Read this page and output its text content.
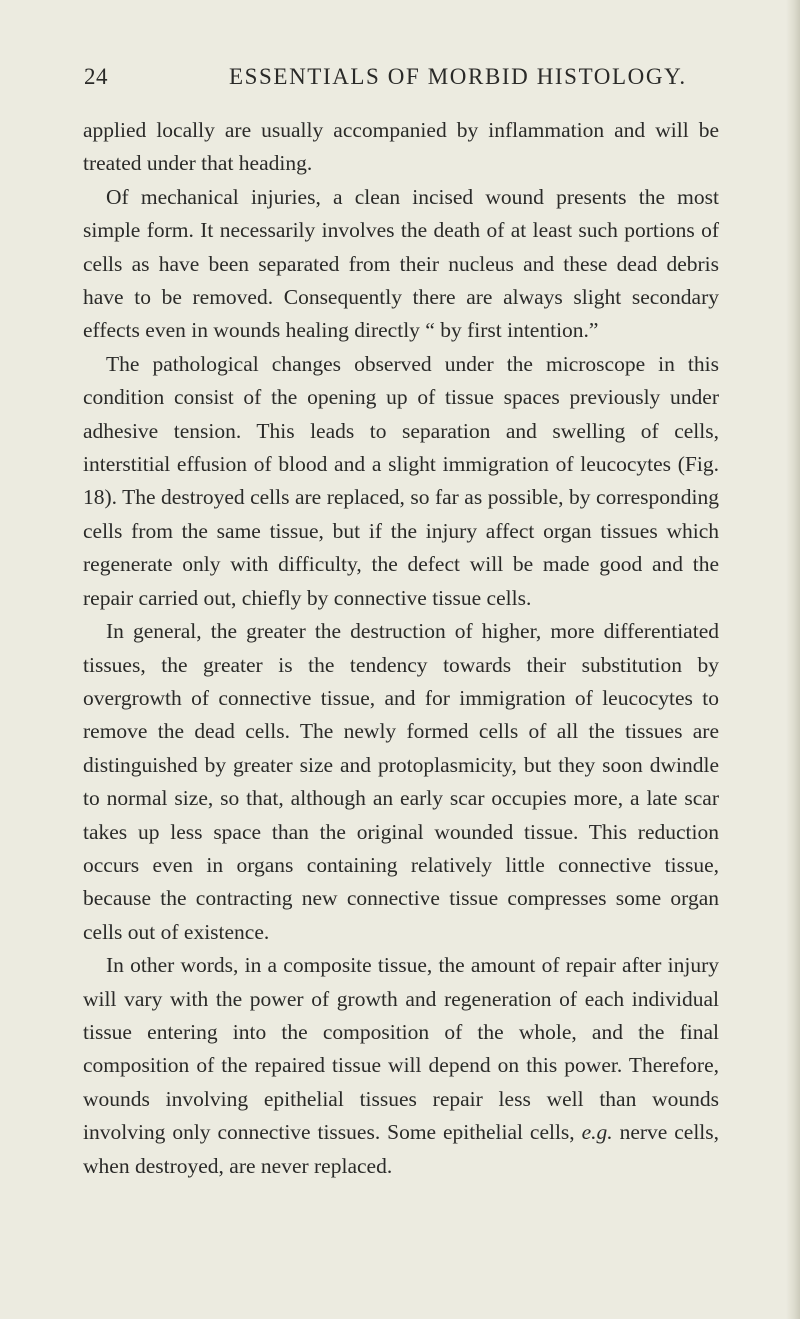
24	ESSENTIALS OF MORBID HISTOLOGY.

applied locally are usually accompanied by inflammation and will be treated under that heading.

Of mechanical injuries, a clean incised wound presents the most simple form. It necessarily involves the death of at least such portions of cells as have been separated from their nucleus and these dead debris have to be removed. Consequently there are always slight secondary effects even in wounds healing directly “ by first intention.”

The pathological changes observed under the microscope in this condition consist of the opening up of tissue spaces previously under adhesive tension. This leads to separation and swelling of cells, interstitial effusion of blood and a slight immigration of leucocytes (Fig. 18). The destroyed cells are replaced, so far as possible, by corresponding cells from the same tissue, but if the injury affect organ tissues which regenerate only with difficulty, the defect will be made good and the repair carried out, chiefly by connective tissue cells.

In general, the greater the destruction of higher, more differentiated tissues, the greater is the tendency towards their substitution by overgrowth of connective tissue, and for immigration of leucocytes to remove the dead cells. The newly formed cells of all the tissues are distinguished by greater size and protoplasmicity, but they soon dwindle to normal size, so that, although an early scar occupies more, a late scar takes up less space than the original wounded tissue. This reduction occurs even in organs containing relatively little connective tissue, because the contracting new connective tissue compresses some organ cells out of existence.

In other words, in a composite tissue, the amount of repair after injury will vary with the power of growth and regeneration of each individual tissue entering into the composition of the whole, and the final composition of the repaired tissue will depend on this power. Therefore, wounds involving epithelial tissues repair less well than wounds involving only connective tissues. Some epithelial cells, e.g. nerve cells, when destroyed, are never replaced.
